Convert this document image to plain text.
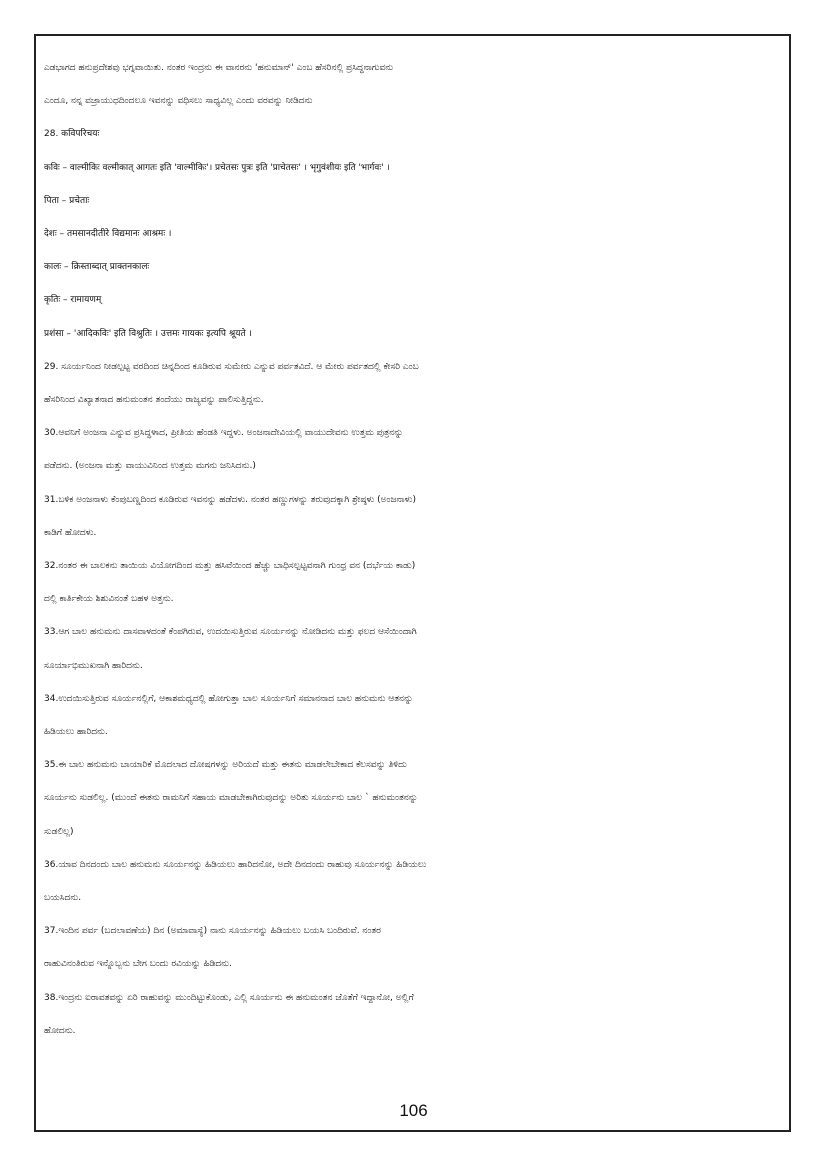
ಎಡಭಾಗದ ಹನುಪ್ರದೇಶವು ಭಗ್ನವಾಯಿತು. ನಂತರ ಇಂದ್ರನು ಈ ವಾನರನು 'ಹನುಮಾನ್' ಎಂಬ ಹೆಸರಿನಲ್ಲಿ ಪ್ರಸಿದ್ಧನಾಗುವನು

ಎಂದೂ, ನನ್ನ ವಜ್ರಾಯುಧದಿಂದಲೂ ಇವನನ್ನು ವಧಿಸಲು ಸಾಧ್ಯವಿಲ್ಲ ಎಂದು ವರವನ್ನು ನೀಡಿದನು

28. कविपरिचयः

कविः – वाल्मीकिः वल्मीकात् आगतः इति 'वाल्मीकिः'। प्रचेतसः पुत्रः इति 'प्राचेतसः' । भृगुवंशीयः इति 'भार्गवः' ।

पिता – प्रचेताः

देशः – तमसानदीतीरे विद्यमानः आश्रमः ।

कालः – क्रिस्ताब्दात् प्राक्तनकालः

कृतिः – रामायणम्

प्रशंसा – 'आदिकविः' इति विश्रुतिः । उत्तमः गायकः इत्यपि श्रूयते ।

29. ಸೂರ್ಯನಿಂದ ನೀಡಲ್ಪಟ್ಟ ವರದಿಂದ ಚಿನ್ನದಿಂದ ಕೂಡಿರುವ ಸುಮೇರು ಎನ್ನುವ ಪರ್ವತವಿದೆ. ಆ ಮೇರು ಪರ್ವತದಲ್ಲಿ ಕೇಸರಿ ಎಂಬ

ಹೆಸರಿನಿಂದ ವಿಖ್ಯಾತನಾದ ಹನುಮಂತನ ತಂದೆಯು ರಾಜ್ಯವನ್ನು ಪಾಲಿಸುತ್ತಿದ್ದನು.

30.ಆವನಿಗೆ ಅಂಜನಾ ಎನ್ನುವ ಪ್ರಸಿದ್ಧಳಾದ, ಪ್ರೀತಿಯ ಹೆಂಡತಿ ಇದ್ದಳು. ಅಂಜನಾದೇವಿಯಲ್ಲಿ ವಾಯುದೇವನು ಉತ್ತಮ ಪುತ್ರನನ್ನು

ಪಡೆದನು. (ಅಂಜನಾ ಮತ್ತು ವಾಯುವಿನಿಂದ ಉತ್ತಮ ಮಗನು ಜನಿಸಿದನು.)

31.ಬಳಿಕ ಅಂಜನಾಳು ಕೆಂಪುಬಣ್ಣದಿಂದ ಕೂಡಿರುವ ಇವನನ್ನು ಹಡೆದಳು. ನಂತರ ಹಣ್ಣುಗಳನ್ನು ತರುವುದಕ್ಕಾಗಿ ಶ್ರೇಷ್ಠಳು (ಅಂಜನಾಳು)

ಕಾಡಿಗೆ ಹೋದಳು.

32.ನಂತರ ಈ ಬಾಲಕನು ತಾಯಿಯ ವಿಯೋಗದಿಂದ ಮತ್ತು ಹಸಿವೆಯಿಂದ ಹೆಚ್ಚು ಬಾಧಿಸಲ್ಪಟ್ಟವನಾಗಿ ಗುಂಧ್ರ ವನ (ದರ್ಭೆಯ ಕಾಡು)

ದಲ್ಲಿ ಕಾರ್ತಿಕೇಯ ಶಿಶುವಿನಂತೆ ಬಹಳ ಅತ್ತನು.

33.ಆಗ ಬಾಲ ಹನುಮನು ದಾಸವಾಳದಂತೆ ಕೆಂಪಗಿರುವ, ಉದಯಿಸುತ್ತಿರುವ ಸೂರ್ಯನನ್ನು ನೋಡಿದನು ಮತ್ತು ಫಲದ ಆಸೆಯಿಂದಾಗಿ

ಸೂರ್ಯಾಭಿಮುಖನಾಗಿ ಹಾರಿದನು.

34.ಉದಯಿಸುತ್ತಿರುವ ಸೂರ್ಯನಲ್ಲಿಗೆ, ಆಕಾಶಮಧ್ಯದಲ್ಲಿ ಹೋಗುತ್ತಾ ಬಾಲ ಸೂರ್ಯನಿಗೆ ಸಮಾನನಾದ ಬಾಲ ಹನುಮನು ಆತನನ್ನು

ಹಿಡಿಯಲು ಹಾರಿದನು.

35.ಈ ಬಾಲ ಹನುಮನು ಬಾಯಾರಿಕೆ ಮೊದಲಾದ ದೋಷಗಳನ್ನು ಅರಿಯದೆ ಮತ್ತು ಈತನು ಮಾಡಲೇಬೇಕಾದ ಕೆಲಸವನ್ನು ತಿಳಿದು

ಸೂರ್ಯನು ಸುಡಲಿಲ್ಲ. (ಮುಂದೆ ಈತನು ರಾಮನಿಗೆ ಸಹಾಯ ಮಾಡಬೇಕಾಗಿರುವುದನ್ನು ಅರಿತು ಸೂರ್ಯನು ಬಾಲ ` ಹನುಮಂತನನ್ನು

ಸುಡಲಿಲ್ಲ)

36.ಯಾವ ದಿನದಂದು ಬಾಲ ಹನುಮನು ಸೂರ್ಯನನ್ನು ಹಿಡಿಯಲು ಹಾರಿದನೋ, ಅದೇ ದಿನದಂದು ರಾಹುವು ಸೂರ್ಯನನ್ನು ಹಿಡಿಯಲು

ಬಯಸಿದನು.

37.ಇಂದಿನ ಪರ್ವ (ಬದಲಾವಣೆಯ) ದಿನ (ಅಮಾವಾಸ್ಯೆ) ನಾನು ಸೂರ್ಯನನ್ನು ಹಿಡಿಯಲು ಬಯಸಿ ಬಂದಿರುವೆ. ನಂತರ

ರಾಹುವಿನಂತಿರುವ ಇನ್ನೊಬ್ಬನು ಬೇಗ ಬಂದು ರವಿಯನ್ನು ಹಿಡಿದನು.

38.ಇಂದ್ರನು ಐರಾವತವನ್ನು ಏರಿ ರಾಹುವನ್ನು ಮುಂದಿಟ್ಟುಕೊಂಡು, ಎಲ್ಲಿ ಸೂರ್ಯನು ಈ ಹನುಮಂತನ ಜೊತೆಗೆ ಇದ್ದಾನೋ, ಅಲ್ಲಿಗೆ

ಹೋದನು.

106
